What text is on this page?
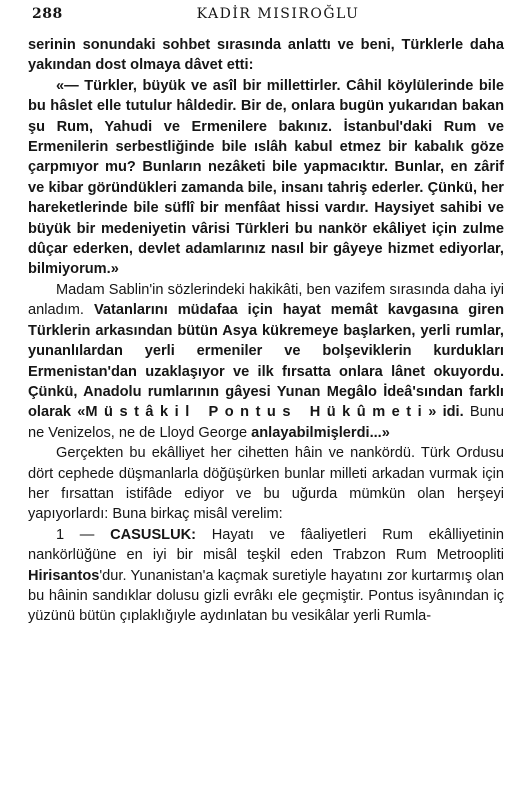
288	KADİR MISIROĞLU

serinin sonundaki sohbet sırasında anlattı ve beni, Türklerle daha yakından dost olmaya dâvet etti:
«— Türkler, büyük ve asîl bir millettirler. Câhil köylülerinde bile bu hâslet elle tutulur hâldedir. Bir de, onlara bugün yukarıdan bakan şu Rum, Yahudi ve Ermenilere bakınız. İstanbul'daki Rum ve Ermenilerin serbestliğinde bile ıslâh kabul etmez bir kabalık göze çarpmıyor mu? Bunların nezâketi bile yapmacıktır. Bunlar, en zârif ve kibar göründükleri zamanda bile, insanı tahriş ederler. Çünkü, her hareketlerinde bile süflî bir menfâat hissi vardır. Haysiyet sahibi ve büyük bir medeniyetin vârisi Türkleri bu nankör ekâliyet için zulme dûçar ederken, devlet adamlarınız nasıl bir gâyeye hizmet ediyorlar, bilmiyorum.»

Madam Sablin'in sözlerindeki hakikâti, ben vazifem sırasında daha iyi anladım. Vatanlarını müdafaa için hayat memât kavgasına giren Türklerin arkasından bütün Asya kükremeye başlarken, yerli rumlar, yunanlılardan yerli ermeniler ve bolşeviklerin kurdukları Ermenistan'dan uzaklaşıyor ve ilk fırsatta onlara lânet okuyordu. Çünkü, Anadolu rumlarının gâyesi Yunan Megâlo İdeâ'sından farklı olarak «Müstâkil Pontus Hükûmeti» idi. Bunu ne Venizelos, ne de Lloyd George anlayabilmişlerdi...»

Gerçekten bu ekâlliyet her cihetten hâin ve nankördü. Türk Ordusu dört cephede düşmanlarla döğüşürken bunlar milleti arkadan vurmak için her fırsattan istifâde ediyor ve bu uğurda mümkün olan herşeyi yapıyorlardı: Buna birkaç misâl verelim:

1 — CASUSLUK: Hayatı ve fâaliyetleri Rum ekâlliyetinin nankörlüğüne en iyi bir misâl teşkil eden Trabzon Rum Metroopliti Hirisantos'dur. Yunanistan'a kaçmak suretiyle hayatını zor kurtarmış olan bu hâinin sandıklar dolusu gizli evrâkı ele geçmiştir. Pontus isyânından iç yüzünü bütün çıplaklığıyle aydınlatan bu vesikâlar yerli Rumla-
